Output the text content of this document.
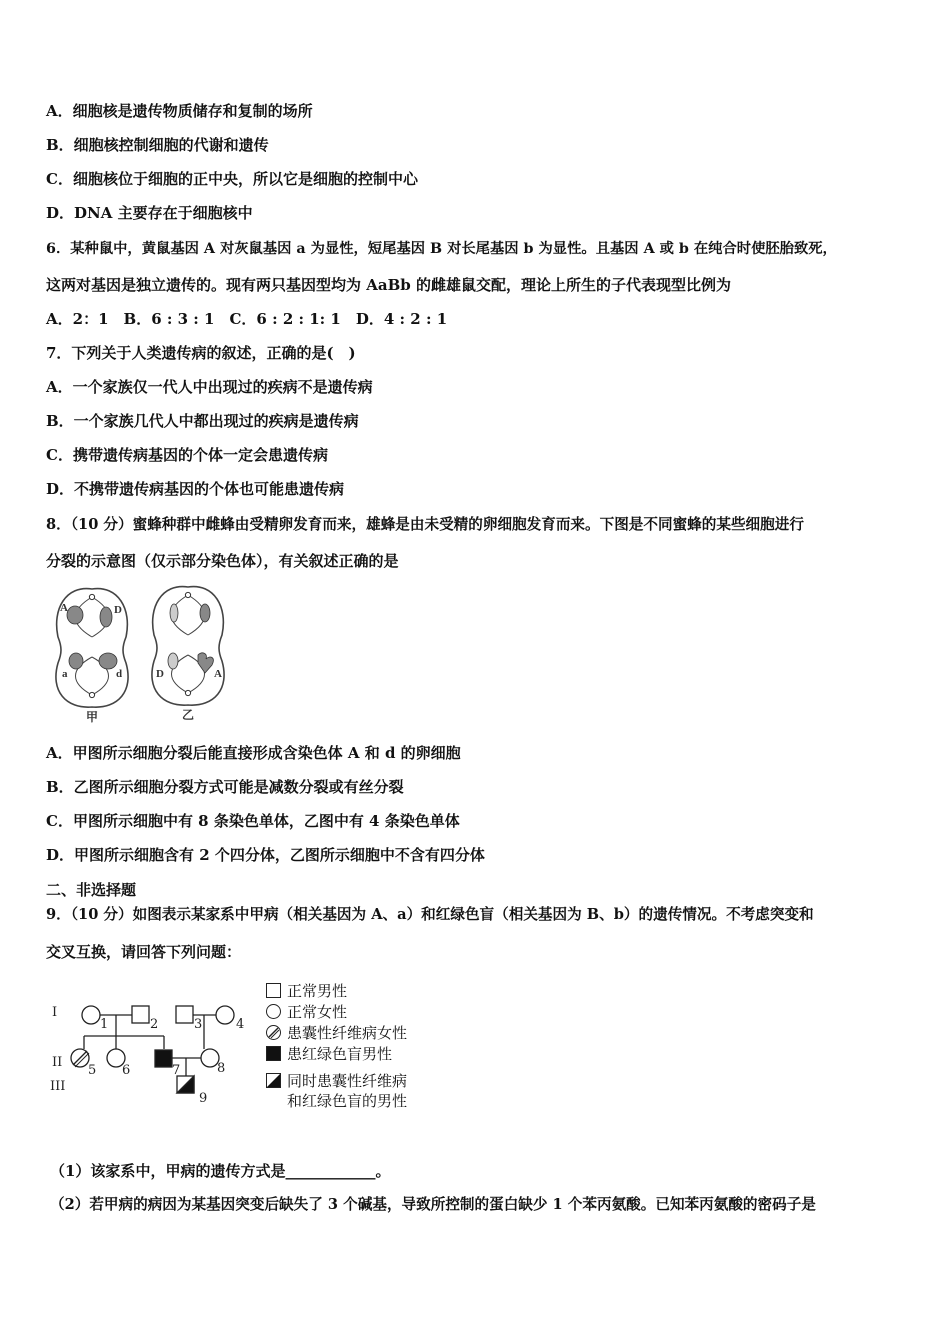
A．细胞核是遗传物质储存和复制的场所
B．细胞核控制细胞的代谢和遗传
C．细胞核位于细胞的正中央，所以它是细胞的控制中心
D．DNA 主要存在于细胞核中
6．某种鼠中，黄鼠基因 A 对灰鼠基因 a 为显性，短尾基因 B 对长尾基因 b 为显性。且基因 A 或 b 在纯合时使胚胎致死，
这两对基因是独立遗传的。现有两只基因型均为 AaBb 的雌雄鼠交配，理论上所生的子代表现型比例为
A．2：1　B．6 : 3 : 1　C．6 : 2 : 1: 1　D．4 : 2 : 1
7．下列关于人类遗传病的叙述，正确的是(　)
A．一个家族仅一代人中出现过的疾病不是遗传病
B．一个家族几代人中都出现过的疾病是遗传病
C．携带遗传病基因的个体一定会患遗传病
D．不携带遗传病基因的个体也可能患遗传病
8．（10 分）蜜蜂种群中雌蜂由受精卵发育而来，雄蜂是由未受精的卵细胞发育而来。下图是不同蜜蜂的某些细胞进行
分裂的示意图（仅示部分染色体），有关叙述正确的是
A	D
a	d	D	A
甲	乙
A．甲图所示细胞分裂后能直接形成含染色体 A 和 d 的卵细胞
B．乙图所示细胞分裂方式可能是减数分裂或有丝分裂
C．甲图所示细胞中有 8 条染色单体，乙图中有 4 条染色单体
D．甲图所示细胞含有 2 个四分体，乙图所示细胞中不含有四分体
二、非选择题
9．（10 分）如图表示某家系中甲病（相关基因为 A、a）和红绿色盲（相关基因为 B、b）的遗传情况。不考虑突变和
交叉互换，请回答下列问题：
I
II
III
1	2	3	4
5 6	7	8
9
正常男性
正常女性
患囊性纤维病女性
患红绿色盲男性
同时患囊性纤维病
和红绿色盲的男性
（1）该家系中，甲病的遗传方式是____________。
（2）若甲病的病因为某基因突变后缺失了 3 个碱基，导致所控制的蛋白缺少 1 个苯丙氨酸。已知苯丙氨酸的密码子是
